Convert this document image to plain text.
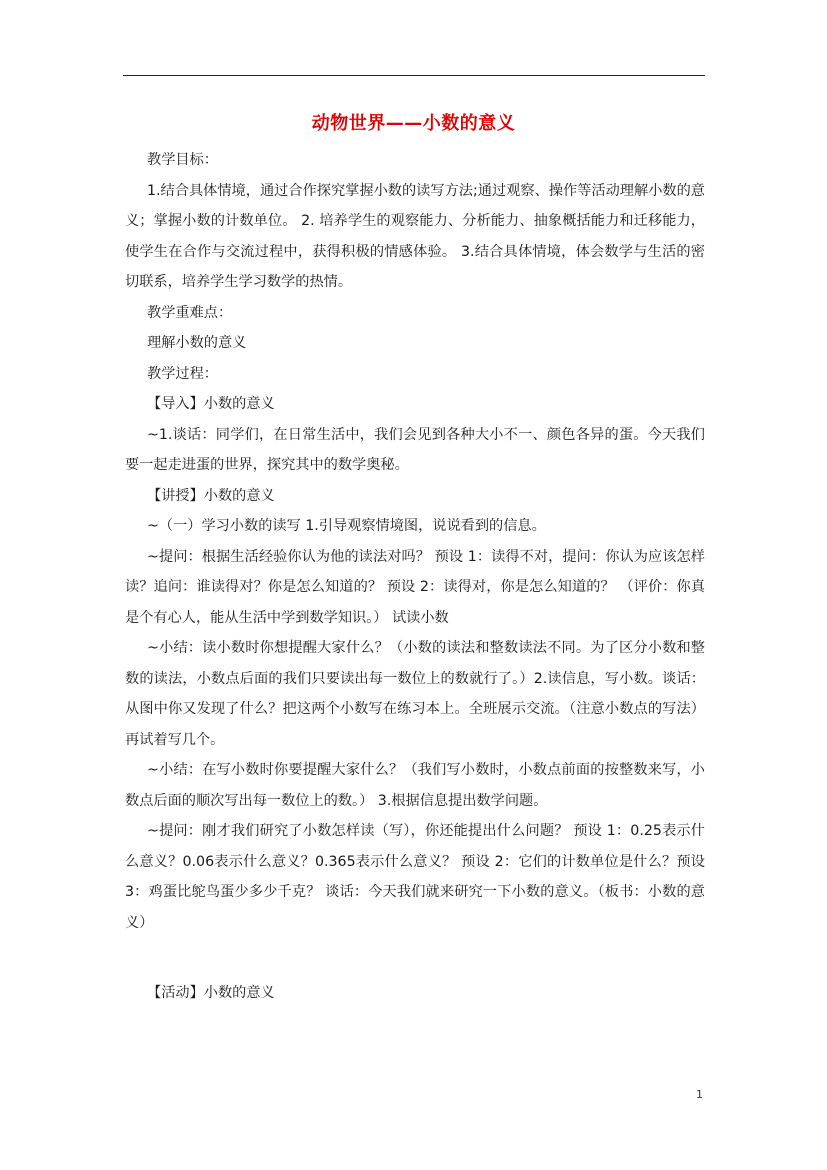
动物世界——小数的意义

教学目标：

1.结合具体情境，通过合作探究掌握小数的读写方法;通过观察、操作等活动理解小数的意义；掌握小数的计数单位。 2. 培养学生的观察能力、分析能力、抽象概括能力和迁移能力，使学生在合作与交流过程中，获得积极的情感体验。 3.结合具体情境，体会数学与生活的密切联系，培养学生学习数学的热情。

教学重难点：

理解小数的意义

教学过程：

【导入】小数的意义

~1.谈话：同学们，在日常生活中，我们会见到各种大小不一、颜色各异的蛋。今天我们要一起走进蛋的世界，探究其中的数学奥秘。

【讲授】小数的意义

~（一）学习小数的读写 1.引导观察情境图，说说看到的信息。

~提问：根据生活经验你认为他的读法对吗？ 预设 1：读得不对，提问：你认为应该怎样读？追问：谁读得对？你是怎么知道的？ 预设 2：读得对，你是怎么知道的？ （评价：你真是个有心人，能从生活中学到数学知识。） 试读小数

~小结：读小数时你想提醒大家什么？（小数的读法和整数读法不同。为了区分小数和整数的读法，小数点后面的我们只要读出每一数位上的数就行了。）2.读信息，写小数。谈话：从图中你又发现了什么？把这两个小数写在练习本上。全班展示交流。（注意小数点的写法）再试着写几个。

~小结：在写小数时你要提醒大家什么？（我们写小数时，小数点前面的按整数来写，小数点后面的顺次写出每一数位上的数。） 3.根据信息提出数学问题。

~提问：刚才我们研究了小数怎样读（写），你还能提出什么问题？ 预设 1：0.25表示什么意义？0.06表示什么意义？0.365表示什么意义？ 预设 2：它们的计数单位是什么？预设 3：鸡蛋比鸵鸟蛋少多少千克？ 谈话：今天我们就来研究一下小数的意义。（板书：小数的意义）

【活动】小数的意义

1
